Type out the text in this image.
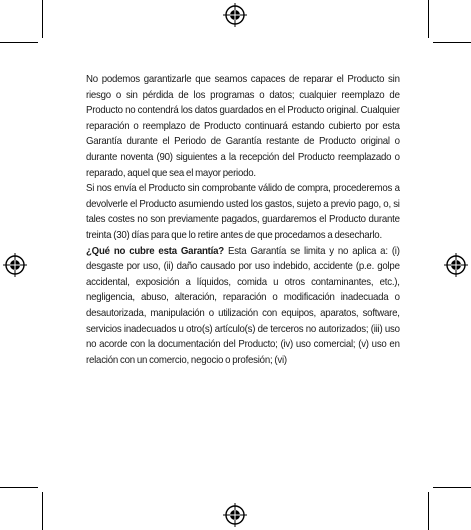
No podemos garantizarle que seamos capaces de reparar el Producto sin riesgo o sin pérdida de los programas o datos; cualquier reemplazo de Producto no contendrá los datos guardados en el Producto original. Cualquier reparación o reemplazo de Producto continuará estando cubierto por esta Garantía durante el Periodo de Garantía restante de Producto original o durante noventa (90) siguientes a la recepción del Producto reemplazado o reparado, aquel que sea el mayor periodo.

Si nos envía el Producto sin comprobante válido de compra, procederemos a devolverle el Producto asumiendo usted los gastos, sujeto a previo pago, o, si tales costes no son previamente pagados, guardaremos el Producto durante treinta (30) días para que lo retire antes de que procedamos a desecharlo.

¿Qué no cubre esta Garantía? Esta Garantía se limita y no aplica a: (i) desgaste por uso, (ii) daño causado por uso indebido, accidente (p.e. golpe accidental, exposición a líquidos, comida u otros contaminantes, etc.), negligencia, abuso, alteración, reparación o modificación inadecuada o desautorizada, manipulación o utilización con equipos, aparatos, software, servicios inadecuados u otro(s) artículo(s) de terceros no autorizados; (iii) uso no acorde con la documentación del Producto; (iv) uso comercial; (v) uso en relación con un comercio, negocio o profesión; (vi)
